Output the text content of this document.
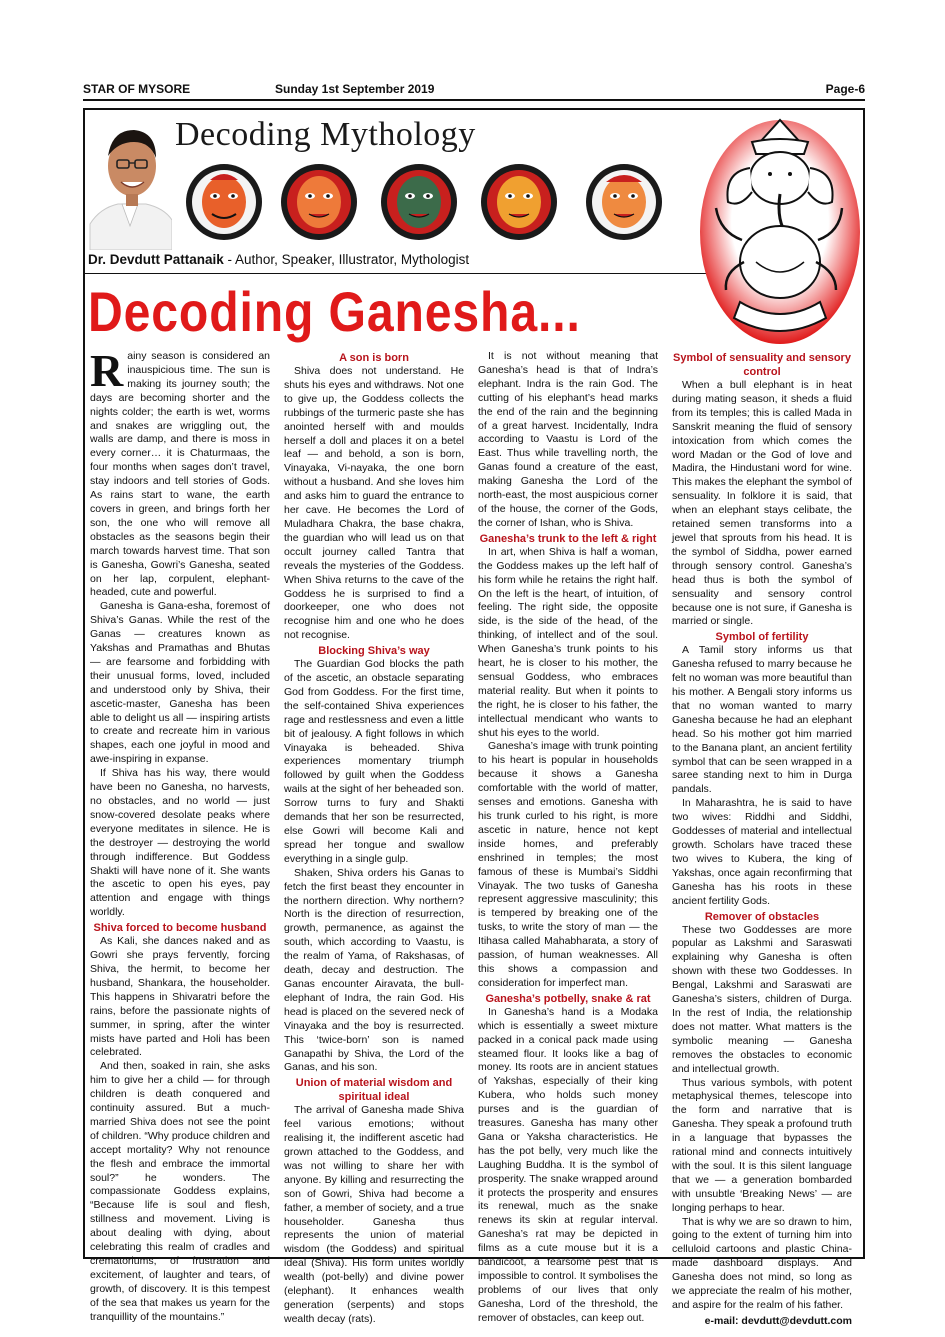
STAR OF MYSORE	Sunday 1st September 2019	Page-6
Decoding Mythology
Dr. Devdutt Pattanaik - Author, Speaker, Illustrator, Mythologist
Decoding Ganesha...

Rainy season is considered an inauspicious time. The sun is making its journey south; the days are becoming shorter and the nights colder; the earth is wet, worms and snakes are wriggling out, the walls are damp, and there is moss in every corner… it is Chaturmaas, the four months when sages don’t travel, stay indoors and tell stories of Gods. As rains start to wane, the earth covers in green, and brings forth her son, the one who will remove all obstacles as the seasons begin their march towards harvest time. That son is Ganesha, Gowri’s Ganesha, seated on her lap, corpulent, elephant-headed, cute and powerful.

Ganesha is Gana-esha, foremost of Shiva’s Ganas. While the rest of the Ganas — creatures known as Yakshas and Pramathas and Bhutas — are fearsome and forbidding with their unusual forms, loved, included and understood only by Shiva, their ascetic-master, Ganesha has been able to delight us all — inspiring artists to create and recreate him in various shapes, each one joyful in mood and awe-inspiring in expanse.

If Shiva has his way, there would have been no Ganesha, no harvests, no obstacles, and no world — just snow-covered desolate peaks where everyone meditates in silence. He is the destroyer — destroying the world through indifference. But Goddess Shakti will have none of it. She wants the ascetic to open his eyes, pay attention and engage with things worldly.

Shiva forced to become husband

As Kali, she dances naked and as Gowri she prays fervently, forcing Shiva, the hermit, to become her husband, Shankara, the householder. This happens in Shivaratri before the rains, before the passionate nights of summer, in spring, after the winter mists have parted and Holi has been celebrated.

And then, soaked in rain, she asks him to give her a child — for through children is death conquered and continuity assured. But a much-married Shiva does not see the point of children. “Why produce children and accept mortality? Why not renounce the flesh and embrace the immortal soul?” he wonders. The compassionate Goddess explains, “Because life is soul and flesh, stillness and movement. Living is about dealing with dying, about celebrating this realm of cradles and crematoriums, of frustration and excitement, of laughter and tears, of growth, of discovery. It is this tempest of the sea that makes us yearn for the tranquillity of the mountains.”

A son is born

Shiva does not understand. He shuts his eyes and withdraws. Not one to give up, the Goddess collects the rubbings of the turmeric paste she has anointed herself with and moulds herself a doll and places it on a betel leaf — and behold, a son is born, Vinayaka, Vi-nayaka, the one born without a husband. And she loves him and asks him to guard the entrance to her cave. He becomes the Lord of Muladhara Chakra, the base chakra, the guardian who will lead us on that occult journey called Tantra that reveals the mysteries of the Goddess. When Shiva returns to the cave of the Goddess he is surprised to find a doorkeeper, one who does not recognise him and one who he does not recognise.

Blocking Shiva’s way

The Guardian God blocks the path of the ascetic, an obstacle separating God from Goddess. For the first time, the self-contained Shiva experiences rage and restlessness and even a little bit of jealousy. A fight follows in which Vinayaka is beheaded. Shiva experiences momentary triumph followed by guilt when the Goddess wails at the sight of her beheaded son. Sorrow turns to fury and Shakti demands that her son be resurrected, else Gowri will become Kali and spread her tongue and swallow everything in a single gulp.

Shaken, Shiva orders his Ganas to fetch the first beast they encounter in the northern direction. Why northern? North is the direction of resurrection, growth, permanence, as against the south, which according to Vaastu, is the realm of Yama, of Rakshasas, of death, decay and destruction. The Ganas encounter Airavata, the bull-elephant of Indra, the rain God. His head is placed on the severed neck of Vinayaka and the boy is resurrected. This ‘twice-born’ son is named Ganapathi by Shiva, the Lord of the Ganas, and his son.

Union of material wisdom and spiritual ideal

The arrival of Ganesha made Shiva feel various emotions; without realising it, the indifferent ascetic had grown attached to the Goddess, and was not willing to share her with anyone. By killing and resurrecting the son of Gowri, Shiva had become a father, a member of society, and a true householder. Ganesha thus represents the union of material wisdom (the Goddess) and spiritual ideal (Shiva). His form unites worldly wealth (pot-belly) and divine power (elephant). It enhances wealth generation (serpents) and stops wealth decay (rats).

It is not without meaning that Ganesha’s head is that of Indra’s elephant. Indra is the rain God. The cutting of his elephant’s head marks the end of the rain and the beginning of a great harvest. Incidentally, Indra according to Vaastu is Lord of the East. Thus while travelling north, the Ganas found a creature of the east, making Ganesha the Lord of the north-east, the most auspicious corner of the house, the corner of the Gods, the corner of Ishan, who is Shiva.

Ganesha’s trunk to the left & right

In art, when Shiva is half a woman, the Goddess makes up the left half of his form while he retains the right half. On the left is the heart, of intuition, of feeling. The right side, the opposite side, is the side of the head, of the thinking, of intellect and of the soul. When Ganesha’s trunk points to his heart, he is closer to his mother, the sensual Goddess, who embraces material reality. But when it points to the right, he is closer to his father, the intellectual mendicant who wants to shut his eyes to the world.

Ganesha’s image with trunk pointing to his heart is popular in households because it shows a Ganesha comfortable with the world of matter, senses and emotions. Ganesha with his trunk curled to his right, is more ascetic in nature, hence not kept inside homes, and preferably enshrined in temples; the most famous of these is Mumbai’s Siddhi Vinayak. The two tusks of Ganesha represent aggressive masculinity; this is tempered by breaking one of the tusks, to write the story of man — the Itihasa called Mahabharata, a story of passion, of human weaknesses. All this shows a compassion and consideration for imperfect man.

Ganesha’s potbelly, snake & rat

In Ganesha’s hand is a Modaka which is essentially a sweet mixture packed in a conical pack made using steamed flour. It looks like a bag of money. Its roots are in ancient statues of Yakshas, especially of their king Kubera, who holds such money purses and is the guardian of treasures. Ganesha has many other Gana or Yaksha characteristics. He has the pot belly, very much like the Laughing Buddha. It is the symbol of prosperity. The snake wrapped around it protects the prosperity and ensures its renewal, much as the snake renews its skin at regular interval. Ganesha’s rat may be depicted in films as a cute mouse but it is a bandicoot, a fearsome pest that is impossible to control. It symbolises the problems of our lives that only Ganesha, Lord of the threshold, the remover of obstacles, can keep out.

Symbol of sensuality and sensory control

When a bull elephant is in heat during mating season, it sheds a fluid from its temples; this is called Mada in Sanskrit meaning the fluid of sensory intoxication from which comes the word Madan or the God of love and Madira, the Hindustani word for wine. This makes the elephant the symbol of sensuality. In folklore it is said, that when an elephant stays celibate, the retained semen transforms into a jewel that sprouts from his head. It is the symbol of Siddha, power earned through sensory control. Ganesha’s head thus is both the symbol of sensuality and sensory control because one is not sure, if Ganesha is married or single.

Symbol of fertility

A Tamil story informs us that Ganesha refused to marry because he felt no woman was more beautiful than his mother. A Bengali story informs us that no woman wanted to marry Ganesha because he had an elephant head. So his mother got him married to the Banana plant, an ancient fertility symbol that can be seen wrapped in a saree standing next to him in Durga pandals.

In Maharashtra, he is said to have two wives: Riddhi and Siddhi, Goddesses of material and intellectual growth. Scholars have traced these two wives to Kubera, the king of Yakshas, once again reconfirming that Ganesha has his roots in these ancient fertility Gods.

Remover of obstacles

These two Goddesses are more popular as Lakshmi and Saraswati explaining why Ganesha is often shown with these two Goddesses. In Bengal, Lakshmi and Saraswati are Ganesha’s sisters, children of Durga. In the rest of India, the relationship does not matter. What matters is the symbolic meaning — Ganesha removes the obstacles to economic and intellectual growth.

Thus various symbols, with potent metaphysical themes, telescope into the form and narrative that is Ganesha. They speak a profound truth in a language that bypasses the rational mind and connects intuitively with the soul. It is this silent language that we — a generation bombarded with unsubtle ‘Breaking News’ — are longing perhaps to hear.

That is why we are so drawn to him, going to the extent of turning him into celluloid cartoons and plastic China-made dashboard displays. And Ganesha does not mind, so long as we appreciate the realm of his mother, and aspire for the realm of his father.

e-mail: devdutt@devdutt.com
